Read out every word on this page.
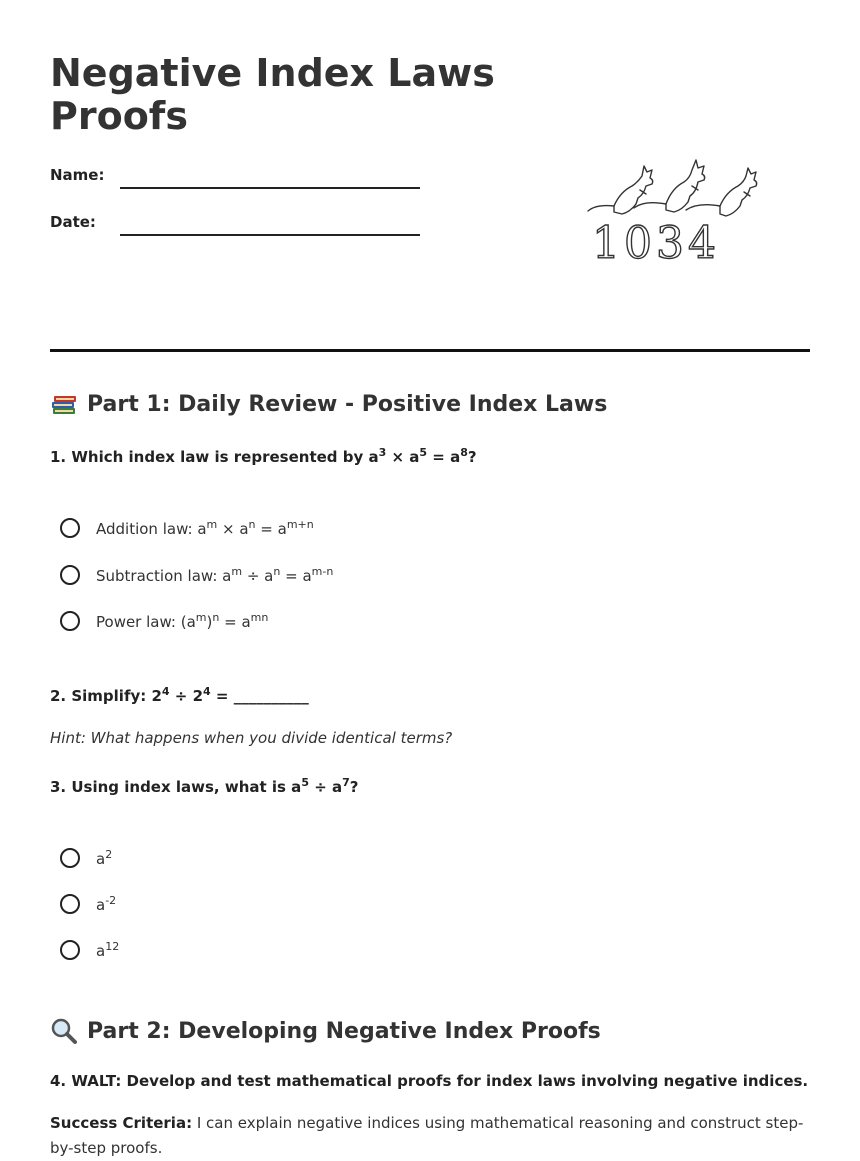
Negative Index Laws
Proofs
Name:
Date:	1034
Part 1: Daily Review - Positive Index Laws

1. Which index law is represented by $a^3 \times a^5 = a^8$?

Addition law: $a^m \times a^n = a^{m+n}$
Subtraction law: $a^m \div a^n = a^{m-n}$
Power law: $(a^m)^n = a^{mn}$

2. Simplify: $2^4 \div 2^4$ = __________

Hint: What happens when you divide identical terms?

3. Using index laws, what is $a^5 \div a^7$?

$a^2$
$a^{-2}$
$a^{12}$
Part 2: Developing Negative Index Proofs

4. WALT: Develop and test mathematical proofs for index laws involving negative indices.

Success Criteria: I can explain negative indices using mathematical reasoning and construct step-by-step proofs.
